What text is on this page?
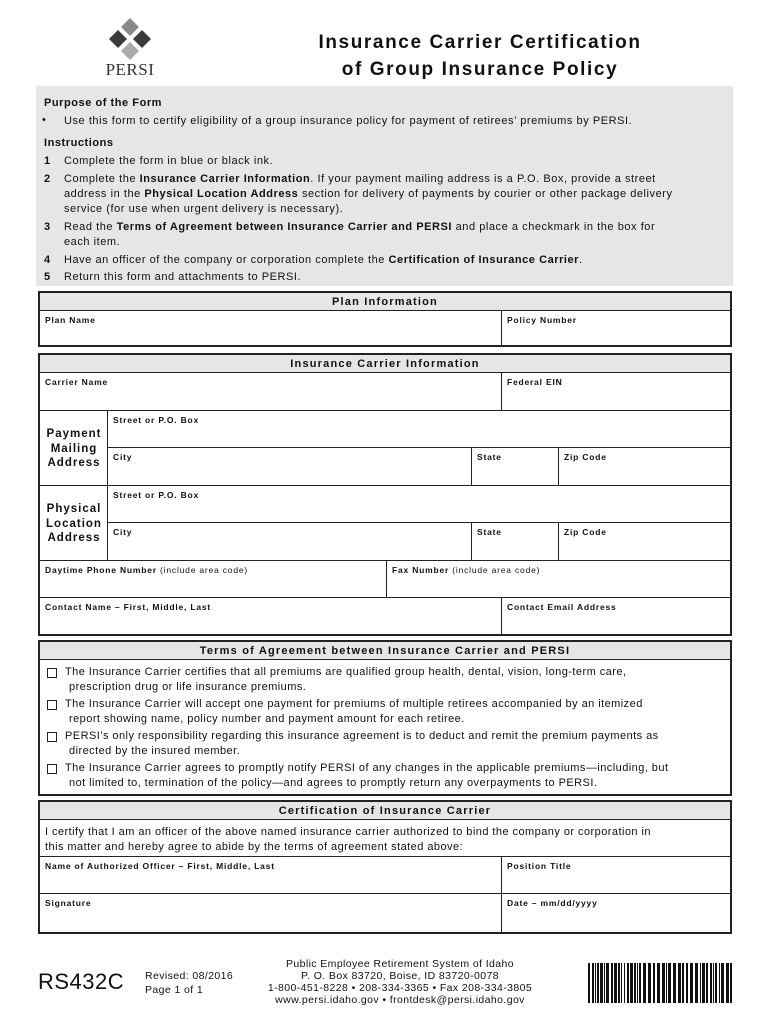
PERSI
Insurance Carrier Certification
of Group Insurance Policy
Purpose of the Form
• Use this form to certify eligibility of a group insurance policy for payment of retirees’ premiums by PERSI.
Instructions
1 Complete the form in blue or black ink.
2 Complete the Insurance Carrier Information. If your payment mailing address is a P.O. Box, provide a street
address in the Physical Location Address section for delivery of payments by courier or other package delivery
service (for use when urgent delivery is necessary).
3 Read the Terms of Agreement between Insurance Carrier and PERSI and place a checkmark in the box for
each item.
4 Have an officer of the company or corporation complete the Certification of Insurance Carrier.
5 Return this form and attachments to PERSI.
Plan Information
Plan Name	Policy Number
Insurance Carrier Information
Carrier Name	Federal EIN
Payment
Mailing
Address
Street or P.O. Box
City	State	Zip Code
Physical
Location
Address
Street or P.O. Box
City	State	Zip Code
Daytime Phone Number (include area code)	Fax Number (include area code)
Contact Name – First, Middle, Last	Contact Email Address
Terms of Agreement between Insurance Carrier and PERSI
The Insurance Carrier certifies that all premiums are qualified group health, dental, vision, long-term care,
prescription drug or life insurance premiums.
The Insurance Carrier will accept one payment for premiums of multiple retirees accompanied by an itemized
report showing name, policy number and payment amount for each retiree.
PERSI’s only responsibility regarding this insurance agreement is to deduct and remit the premium payments as
directed by the insured member.
The Insurance Carrier agrees to promptly notify PERSI of any changes in the applicable premiums—including, but
not limited to, termination of the policy—and agrees to promptly return any overpayments to PERSI.
Certification of Insurance Carrier
I certify that I am an officer of the above named insurance carrier authorized to bind the company or corporation in
this matter and hereby agree to abide by the terms of agreement stated above:
Name of Authorized Officer – First, Middle, Last	Position Title
Signature	Date – mm/dd/yyyy
RS432C Revised: 08/2016
Page 1 of 1
Public Employee Retirement System of Idaho
P. O. Box 83720, Boise, ID 83720-0078
1-800-451-8228 • 208-334-3365 • Fax 208-334-3805
www.persi.idaho.gov • frontdesk@persi.idaho.gov
